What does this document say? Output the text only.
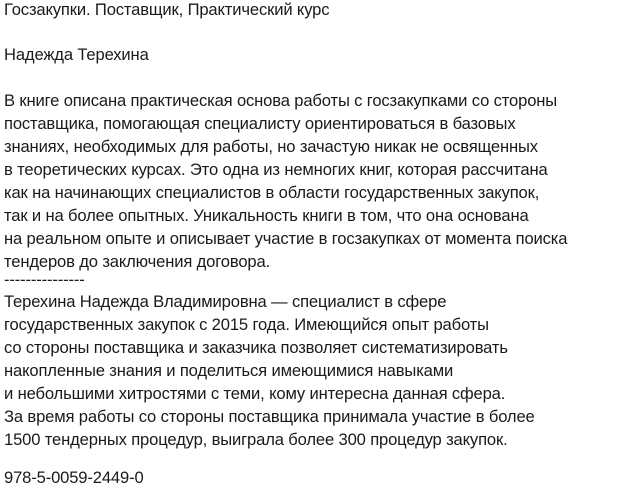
Госзакупки. Поставщик, Практический курс
Надежда Терехина
В книге описана практическая основа работы с госзакупками со стороны
поставщика, помогающая специалисту ориентироваться в базовых
знаниях, необходимых для работы, но зачастую никак не освященных
в теоретических курсах. Это одна из немногих книг, которая рассчитана
как на начинающих специалистов в области государственных закупок,
так и на более опытных. Уникальность книги в том, что она основана
на реальном опыте и описывает участие в госзакупках от момента поиска
тендеров до заключения договора.
---------------
Терехина Надежда Владимировна — специалист в сфере
государственных закупок с 2015 года. Имеющийся опыт работы
со стороны поставщика и заказчика позволяет систематизировать
накопленные знания и поделиться имеющимися навыками
и небольшими хитростями с теми, кому интересна данная сфера.
За время работы со стороны поставщика принимала участие в более
1500 тендерных процедур, выиграла более 300 процедур закупок.
978-5-0059-2449-0
